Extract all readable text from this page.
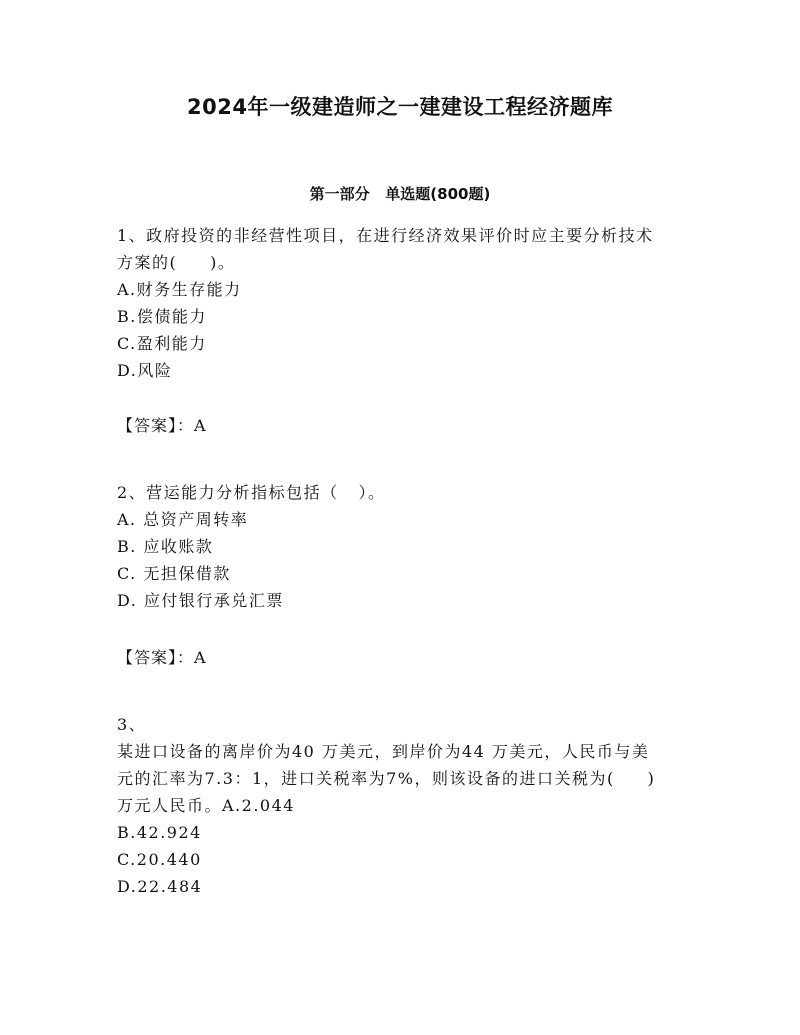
2024年一级建造师之一建建设工程经济题库
第一部分   单选题(800题)
1、政府投资的非经营性项目，在进行经济效果评价时应主要分析技术
方案的(     )。
A.财务生存能力
B.偿债能力
C.盈利能力
D.风险
【答案】：A
2、营运能力分析指标包括（   ）。
A. 总资产周转率
B. 应收账款
C. 无担保借款
D. 应付银行承兑汇票
【答案】：A
3、
某进口设备的离岸价为40 万美元，到岸价为44 万美元，人民币与美
元的汇率为7.3：1，进口关税率为7%，则该设备的进口关税为(     )
万元人民币。A.2.044
B.42.924
C.20.440
D.22.484
